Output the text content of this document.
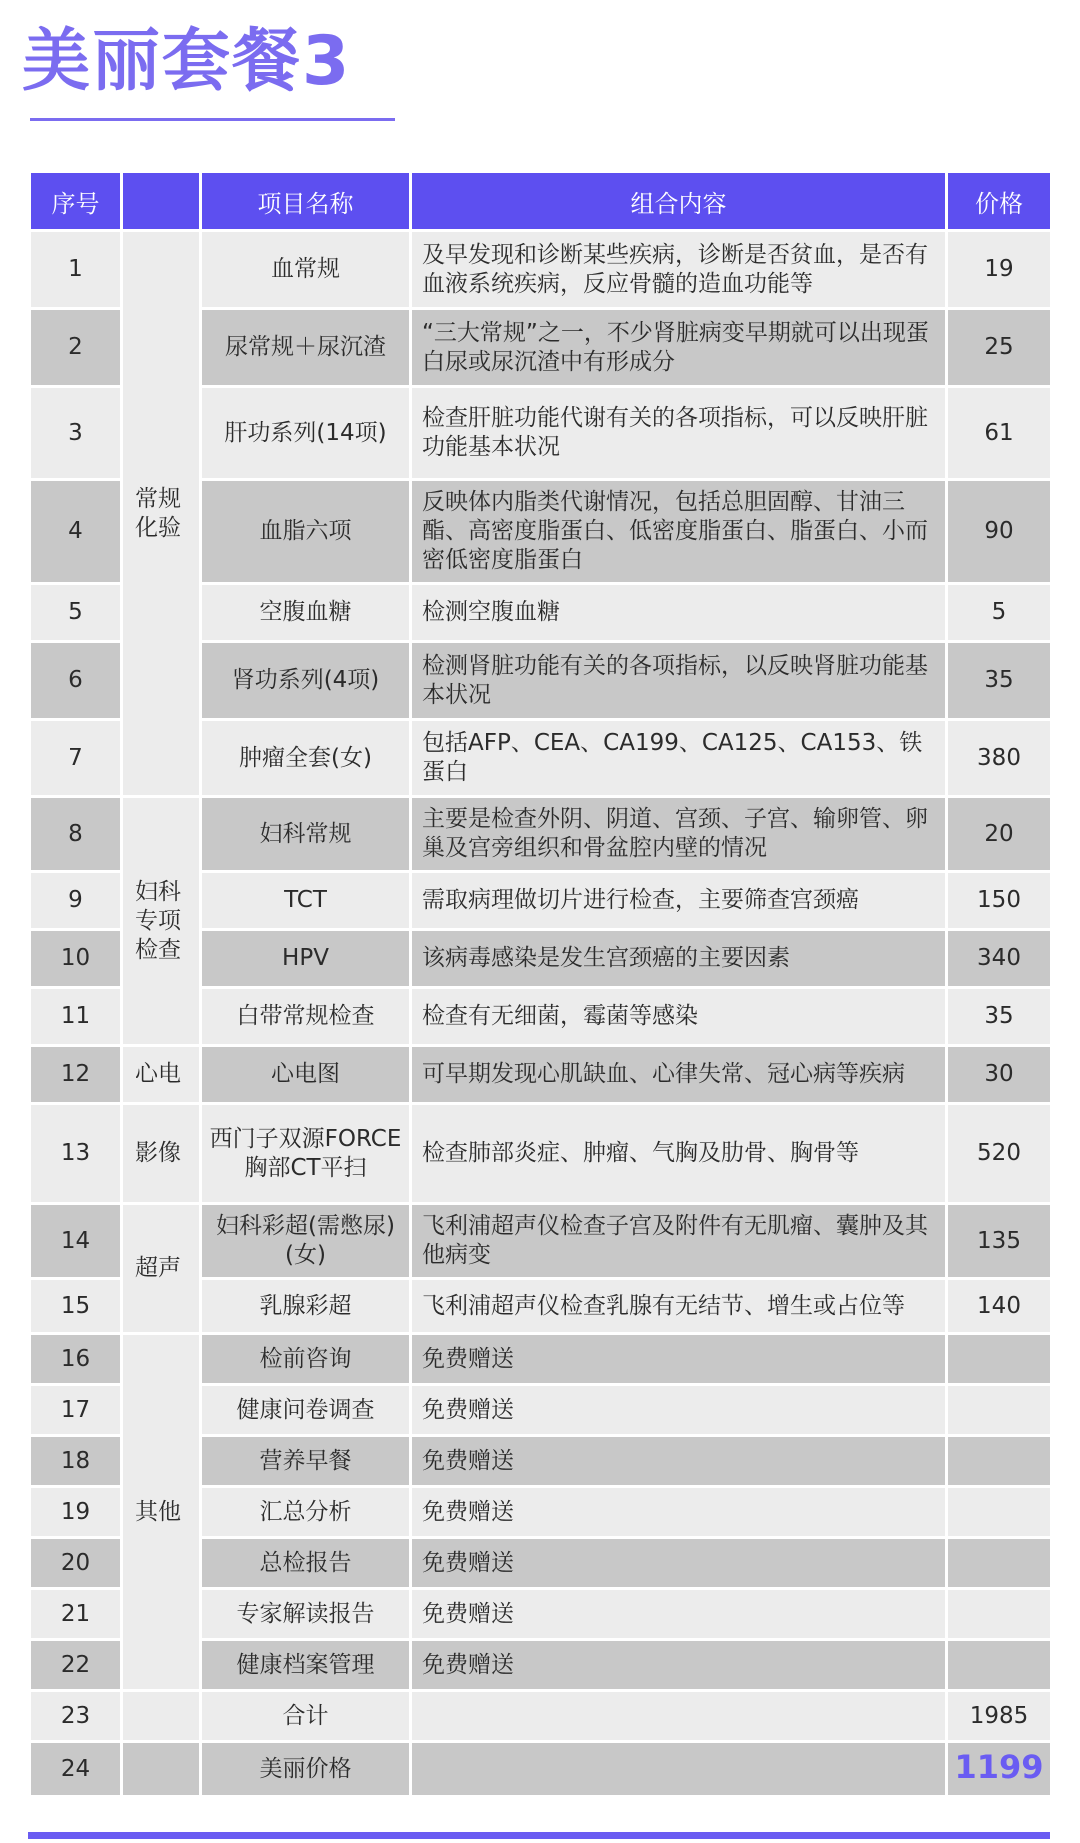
美丽套餐3
序号		项目名称	组合内容	价格
1	常规化验	血常规	及早发现和诊断某些疾病，诊断是否贫血，是否有血液系统疾病，反应骨髓的造血功能等	19
2		尿常规＋尿沉渣	“三大常规”之一，不少肾脏病变早期就可以出现蛋白尿或尿沉渣中有形成分	25
3		肝功系列(14项)	检查肝脏功能代谢有关的各项指标，可以反映肝脏功能基本状况	61
4		血脂六项	反映体内脂类代谢情况，包括总胆固醇、甘油三酯、高密度脂蛋白、低密度脂蛋白、脂蛋白、小而密低密度脂蛋白	90
5		空腹血糖	检测空腹血糖	5
6		肾功系列(4项)	检测肾脏功能有关的各项指标，以反映肾脏功能基本状况	35
7		肿瘤全套(女)	包括AFP、CEA、CA199、CA125、CA153、铁蛋白	380
8	妇科专项检查	妇科常规	主要是检查外阴、阴道、宫颈、子宫、输卵管、卵巢及宫旁组织和骨盆腔内壁的情况	20
9		TCT	需取病理做切片进行检查，主要筛查宫颈癌	150
10		HPV	该病毒感染是发生宫颈癌的主要因素	340
11		白带常规检查	检查有无细菌，霉菌等感染	35
12	心电	心电图	可早期发现心肌缺血、心律失常、冠心病等疾病	30
13	影像	西门子双源FORCE胸部CT平扫	检查肺部炎症、肿瘤、气胸及肋骨、胸骨等	520
14	超声	妇科彩超(需憋尿)(女)	飞利浦超声仪检查子宫及附件有无肌瘤、囊肿及其他病变	135
15		乳腺彩超	飞利浦超声仪检查乳腺有无结节、增生或占位等	140
16	其他	检前咨询	免费赠送	
17		健康问卷调查	免费赠送	
18		营养早餐	免费赠送	
19		汇总分析	免费赠送	
20		总检报告	免费赠送	
21		专家解读报告	免费赠送	
22		健康档案管理	免费赠送	
23		合计		1985
24		美丽价格		1199
